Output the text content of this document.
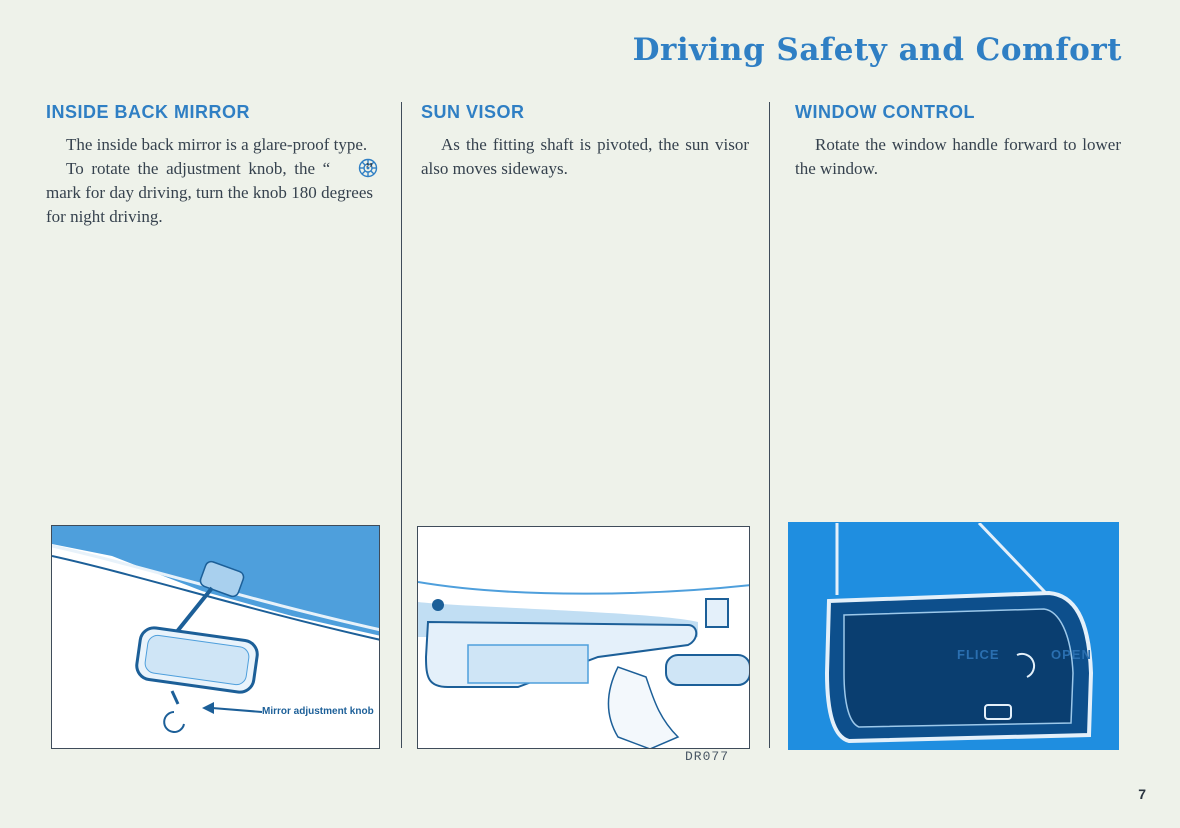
Driving Safety and Comfort
INSIDE BACK MIRROR

The inside back mirror is a glare-proof type.

To rotate the adjustment knob, the “ ” mark for day driving, turn the knob 180 degrees for night driving.

SUN VISOR

As the fitting shaft is pivoted, the sun visor also moves sideways.

WINDOW CONTROL

Rotate the window handle forward to lower the window.

Mirror adjustment knob
DR077
FLICE	OPEN
7
